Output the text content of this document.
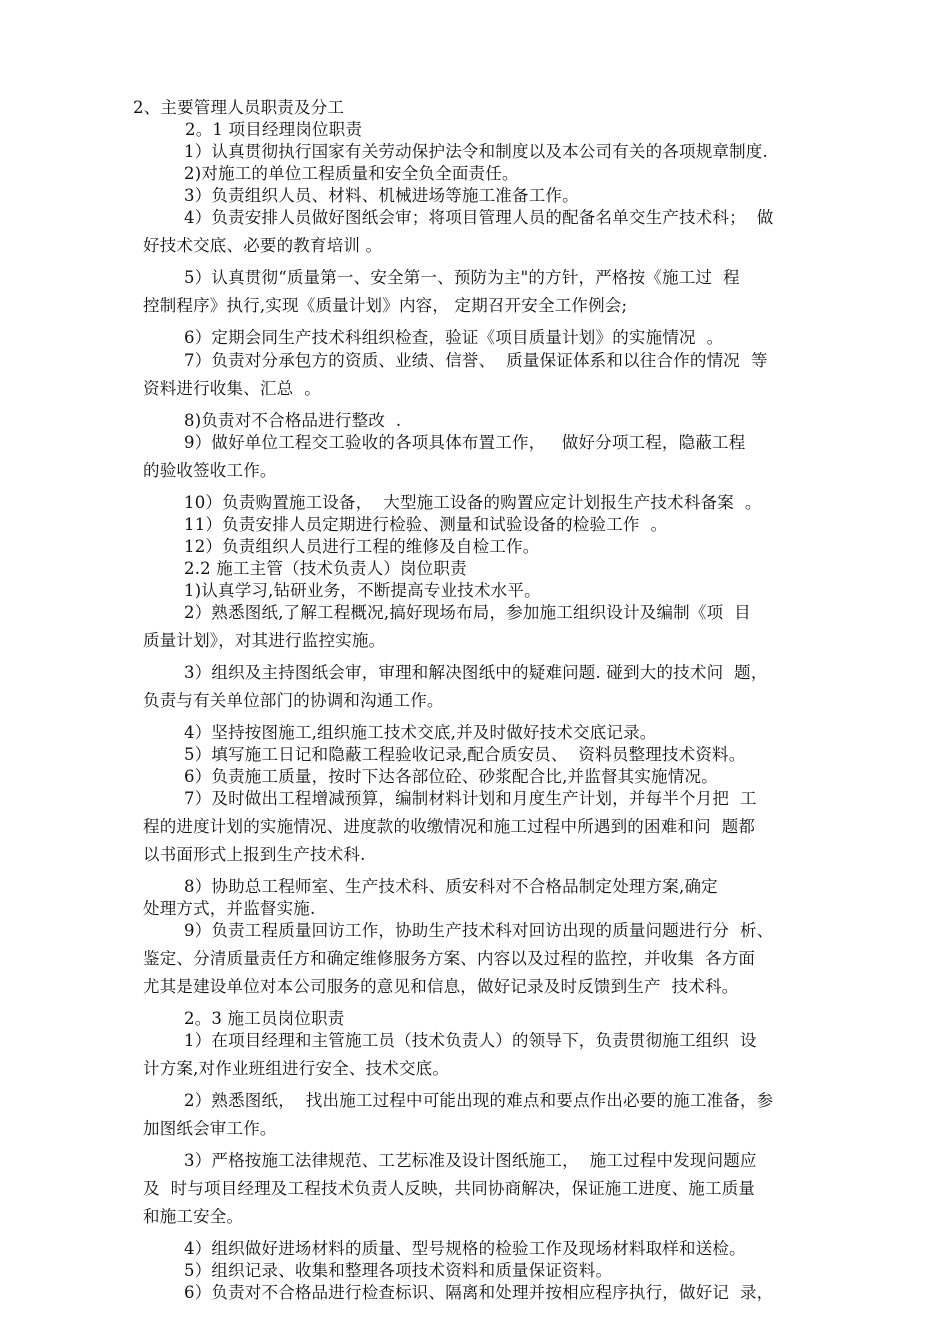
2、主要管理人员职责及分工
2。1 项目经理岗位职责
1）认真贯彻执行国家有关劳动保护法令和制度以及本公司有关的各项规章制度.
2)对施工的单位工程质量和安全负全面责任。
3）负责组织人员、材料、机械进场等施工准备工作。
4）负责安排人员做好图纸会审；将项目管理人员的配备名单交生产技术科；  做
好技术交底、必要的教育培训 。
5）认真贯彻“质量第一、安全第一、预防为主"的方针，严格按《施工过  程
控制程序》执行,实现《质量计划》内容， 定期召开安全工作例会;
6）定期会同生产技术科组织检查，验证《项目质量计划》的实施情况  。
7）负责对分承包方的资质、业绩、信誉、  质量保证体系和以往合作的情况  等
资料进行收集、汇总  。
8)负责对不合格品进行整改  .
9）做好单位工程交工验收的各项具体布置工作，   做好分项工程，隐蔽工程
的验收签收工作。
10）负责购置施工设备，  大型施工设备的购置应定计划报生产技术科备案  。
11）负责安排人员定期进行检验、测量和试验设备的检验工作  。
12）负责组织人员进行工程的维修及自检工作。
2.2 施工主管（技术负责人）岗位职责
1)认真学习,钻研业务，不断提高专业技术水平。
2）熟悉图纸,了解工程概况,搞好现场布局，参加施工组织设计及编制《项  目
质量计划》，对其进行监控实施。
3）组织及主持图纸会审，审理和解决图纸中的疑难问题. 碰到大的技术问  题，
负责与有关单位部门的协调和沟通工作。
4）坚持按图施工,组织施工技术交底,并及时做好技术交底记录。
5）填写施工日记和隐蔽工程验收记录,配合质安员、  资料员整理技术资料。
6）负责施工质量，按时下达各部位砼、砂浆配合比,并监督其实施情况。
7）及时做出工程增减预算，编制材料计划和月度生产计划，并每半个月把  工
程的进度计划的实施情况、进度款的收缴情况和施工过程中所遇到的困难和问  题都
以书面形式上报到生产技术科.
8）协助总工程师室、生产技术科、质安科对不合格品制定处理方案,确定
处理方式，并监督实施.
9）负责工程质量回访工作，协助生产技术科对回访出现的质量问题进行分  析、
鉴定、分清质量责任方和确定维修服务方案、内容以及过程的监控，并收集  各方面
尤其是建设单位对本公司服务的意见和信息，做好记录及时反馈到生产  技术科。
2。3 施工员岗位职责
1）在项目经理和主管施工员（技术负责人）的领导下，负责贯彻施工组织  设
计方案,对作业班组进行安全、技术交底。
2）熟悉图纸，  找出施工过程中可能出现的难点和要点作出必要的施工准备，参
加图纸会审工作。
3）严格按施工法律规范、工艺标准及设计图纸施工，  施工过程中发现问题应
及  时与项目经理及工程技术负责人反映，共同协商解决，保证施工进度、施工质量
和施工安全。
4）组织做好进场材料的质量、型号规格的检验工作及现场材料取样和送检。
5）组织记录、收集和整理各项技术资料和质量保证资料。
6）负责对不合格品进行检查标识、隔离和处理并按相应程序执行，做好记  录，
